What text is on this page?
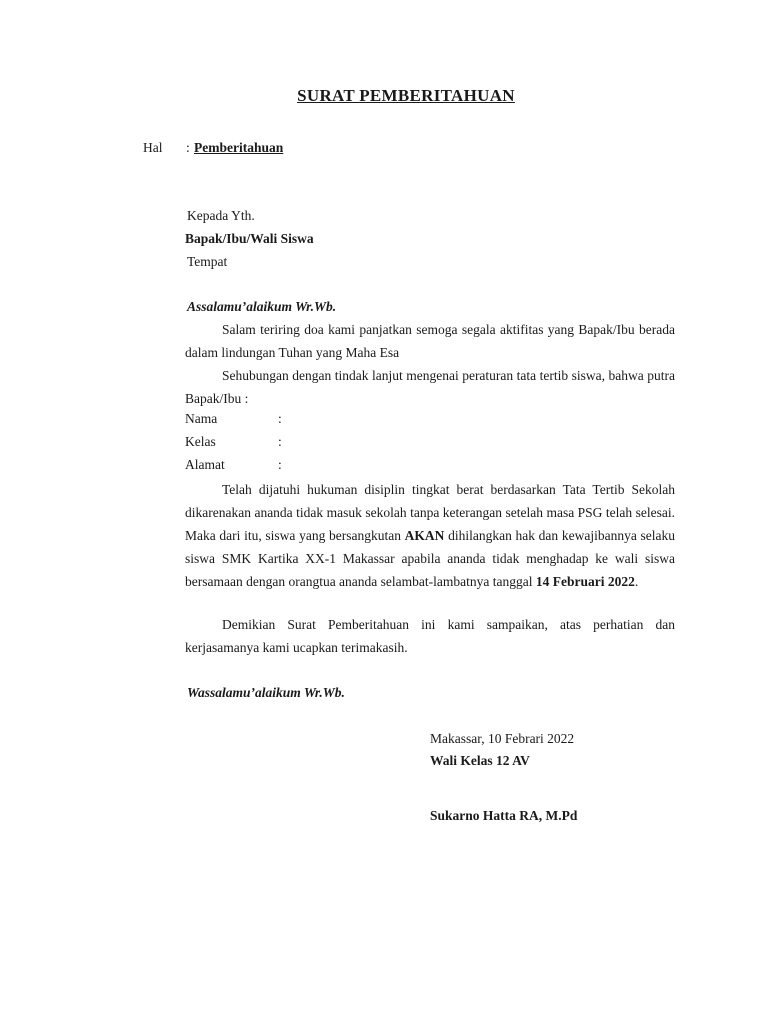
SURAT PEMBERITAHUAN
Hal : Pemberitahuan
Kepada Yth.
Bapak/Ibu/Wali Siswa
Tempat
Assalamu’alaikum Wr.Wb.
Salam teriring doa kami panjatkan semoga segala aktifitas yang Bapak/Ibu berada dalam lindungan Tuhan yang Maha Esa
Sehubungan dengan tindak lanjut mengenai peraturan tata tertib siswa, bahwa putra Bapak/Ibu :
Nama	:
Kelas	:
Alamat	:
Telah dijatuhi hukuman disiplin tingkat berat berdasarkan Tata Tertib Sekolah dikarenakan ananda tidak masuk sekolah tanpa keterangan setelah masa PSG telah selesai. Maka dari itu, siswa yang bersangkutan AKAN dihilangkan hak dan kewajibannya selaku siswa SMK Kartika XX-1 Makassar apabila ananda tidak menghadap ke wali siswa bersamaan dengan orangtua ananda selambat-lambatnya tanggal 14 Februari 2022.
Demikian Surat Pemberitahuan ini kami sampaikan, atas perhatian dan kerjasamanya kami ucapkan terimakasih.
Wassalamu’alaikum Wr.Wb.
Makassar, 10 Febrari 2022
Wali Kelas 12 AV
Sukarno Hatta RA, M.Pd
